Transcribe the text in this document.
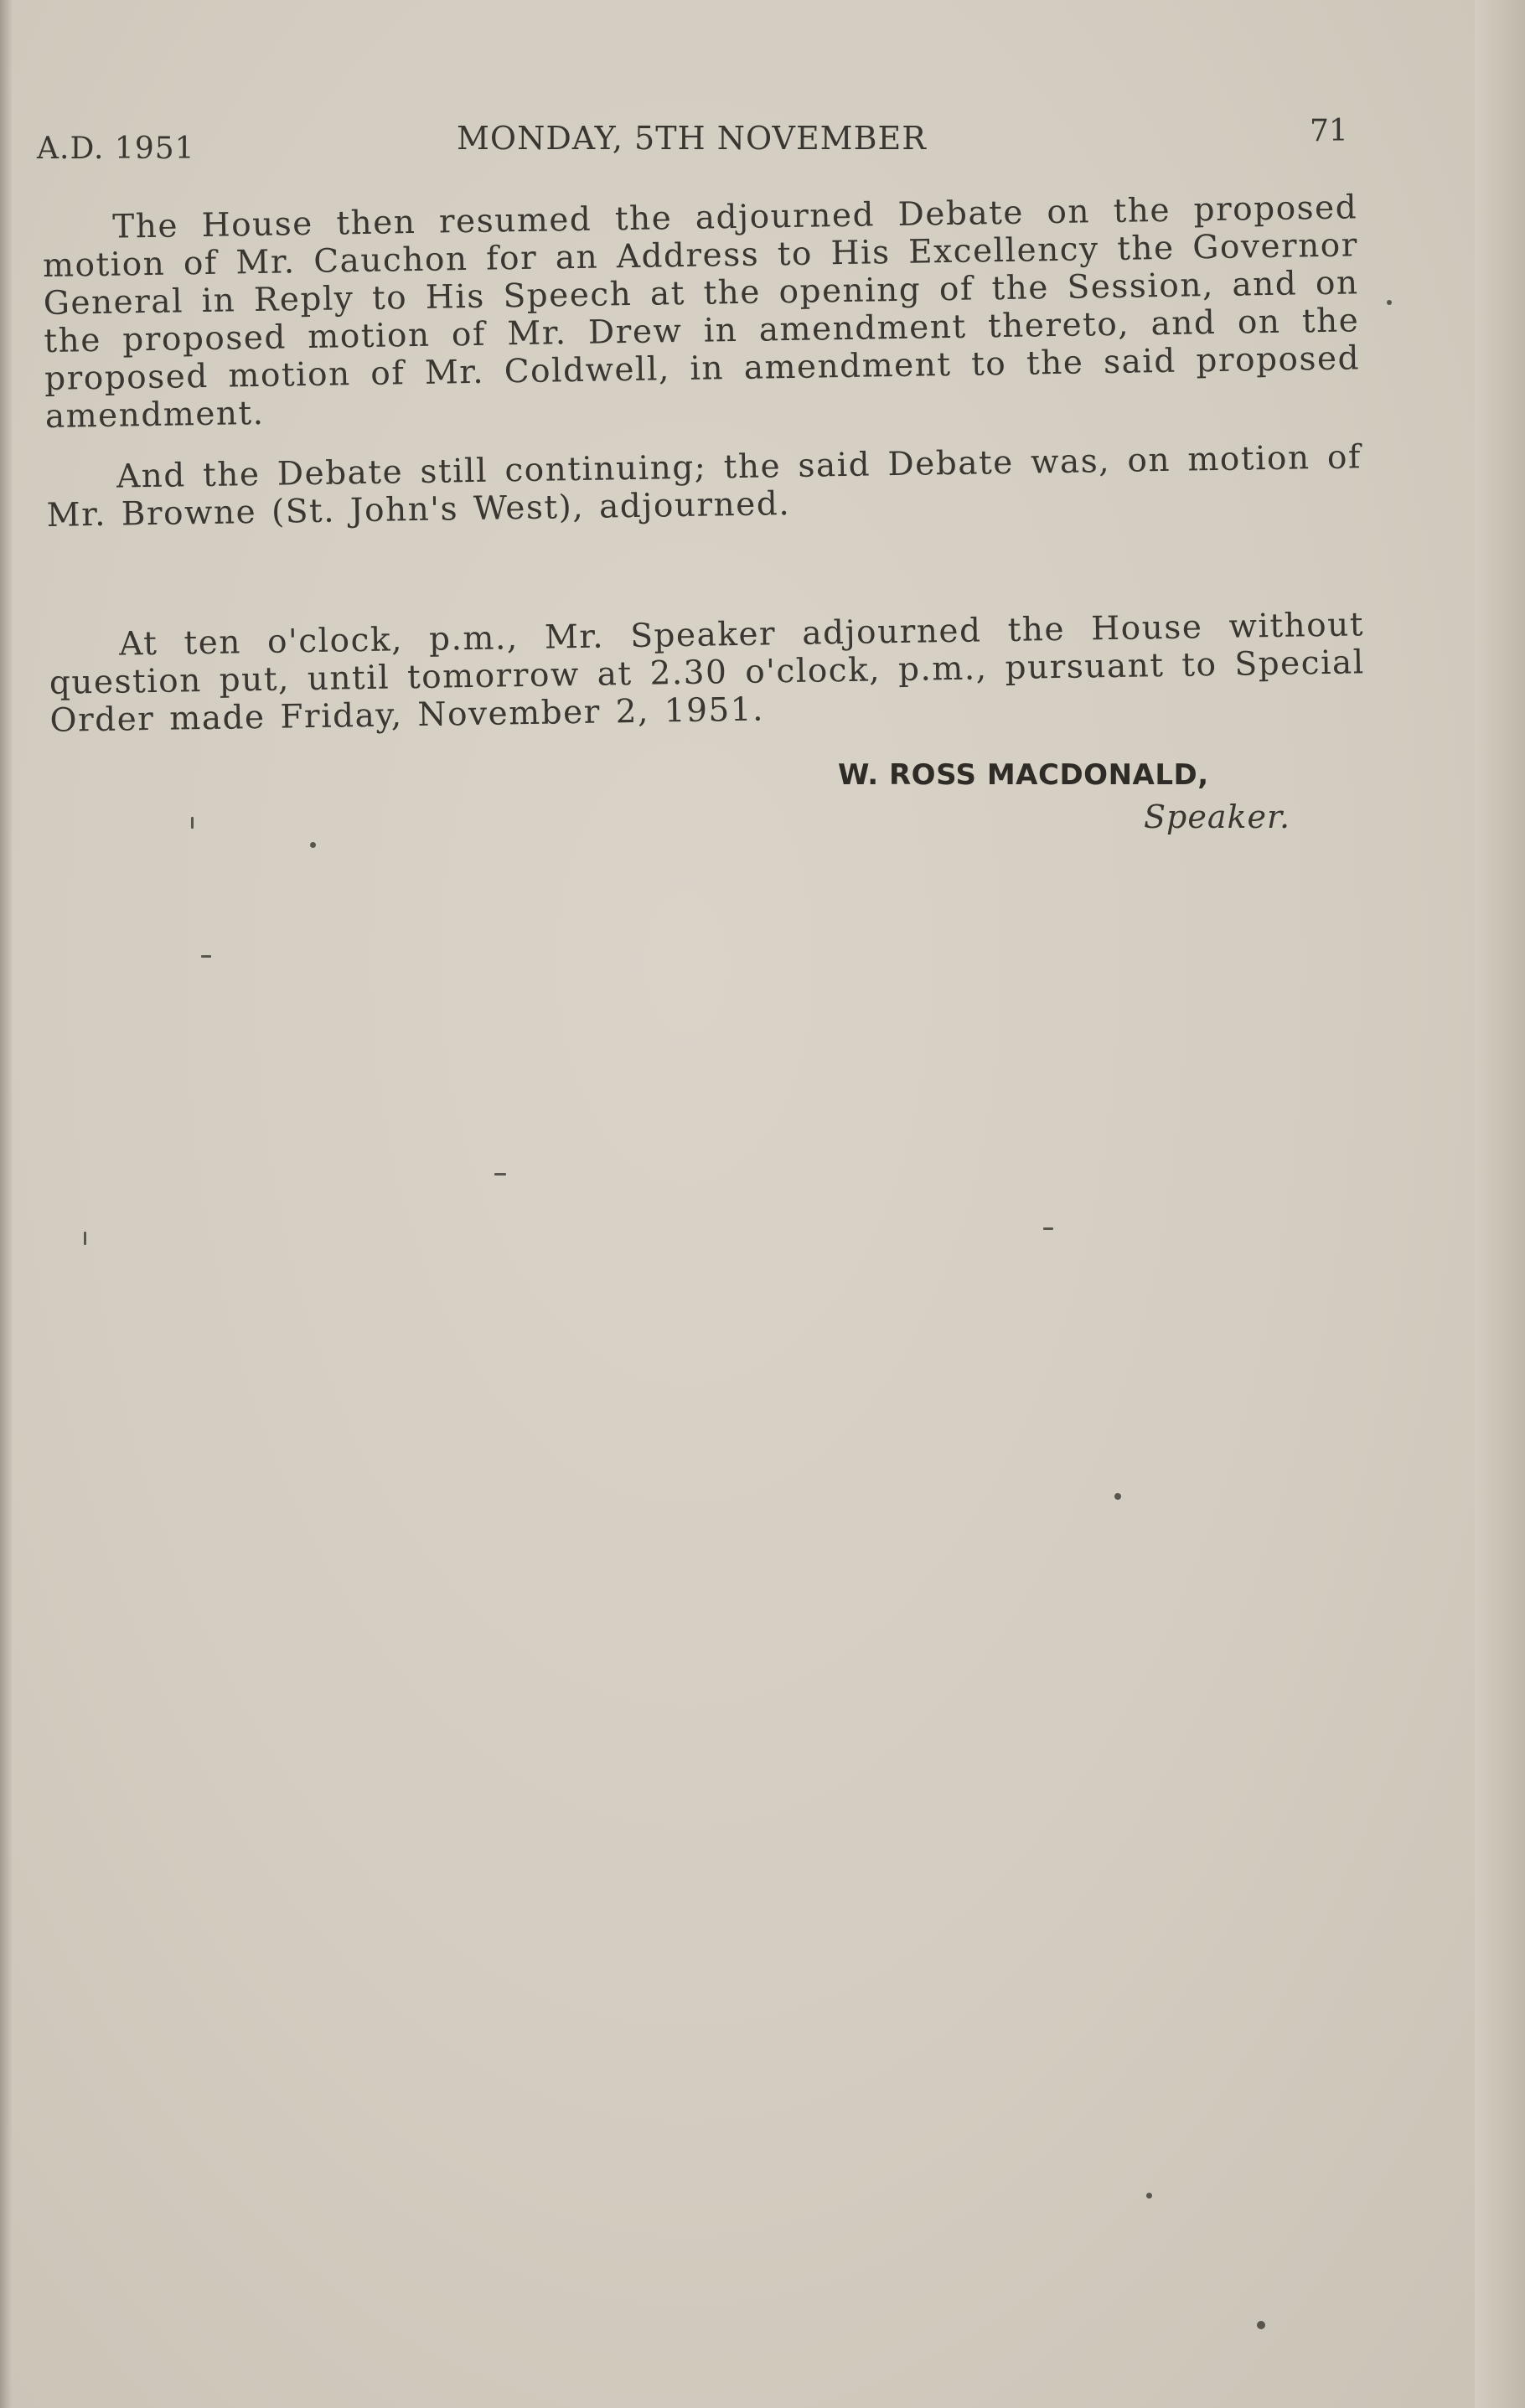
A.D. 1951	MONDAY, 5TH NOVEMBER	71

The House then resumed the adjourned Debate on the proposed motion of Mr. Cauchon for an Address to His Excellency the Governor General in Reply to His Speech at the opening of the Session, and on the proposed motion of Mr. Drew in amendment thereto, and on the proposed motion of Mr. Coldwell, in amendment to the said proposed amendment.

And the Debate still continuing; the said Debate was, on motion of Mr. Browne (St. John's West), adjourned.

At ten o'clock, p.m., Mr. Speaker adjourned the House without question put, until tomorrow at 2.30 o'clock, p.m., pursuant to Special Order made Friday, November 2, 1951.

W. ROSS MACDONALD,
Speaker.
